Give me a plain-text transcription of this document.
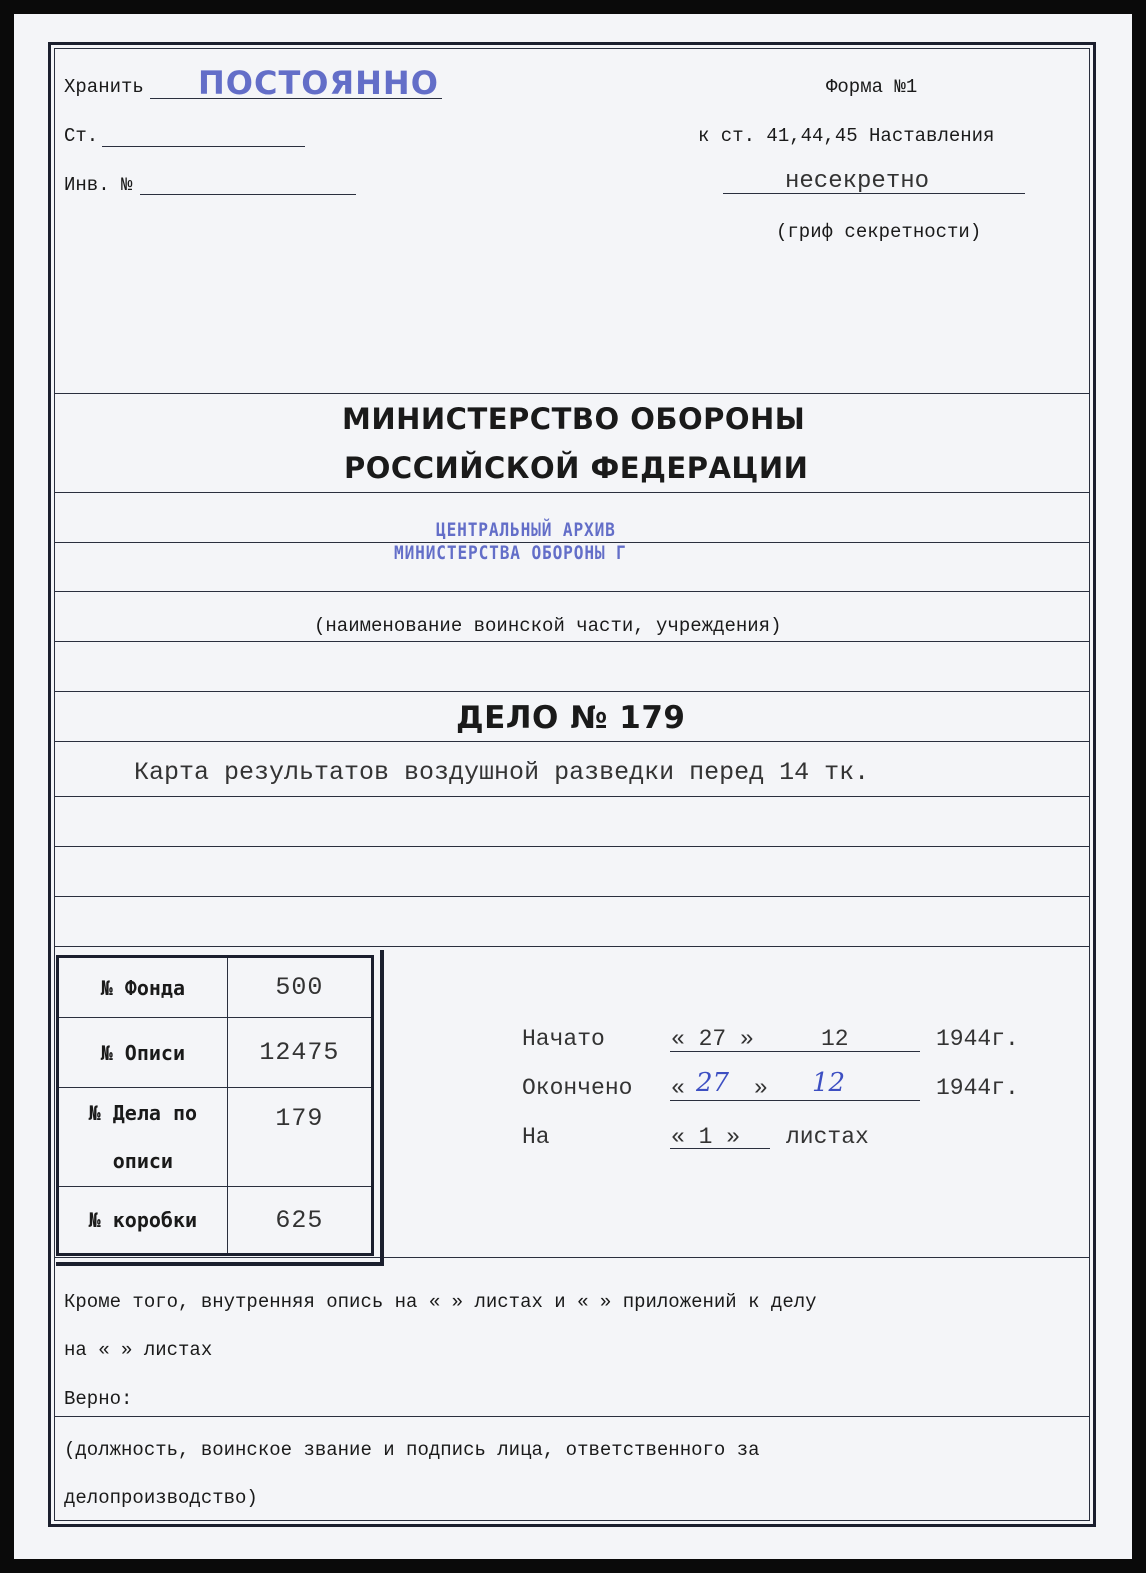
Хранить ПОСТОЯННО	Форма №1
Ст.	к ст. 41,44,45 Наставления
Инв. №	несекретно
(гриф секретности)
МИНИСТЕРСТВО ОБОРОНЫ
РОССИЙСКОЙ ФЕДЕРАЦИИ
ЦЕНТРАЛЬНЫЙ АРХИВ
МИНИСТЕРСТВА ОБОРОНЫ Г
(наименование воинской части, учреждения)
ДЕЛО № 179
Карта результатов воздушной разведки перед 14 тк.
№ Фонда	500
№ Описи	12475
№ Дела по описи	179
№ коробки	625
Начато	« 27 »	12	1944г.
Окончено « 27 » 12	1944г.
На	« 1 » листах
Кроме того, внутренняя опись на « » листах и « » приложений к делу
на « » листах
Верно:
(должность, воинское звание и подпись лица, ответственного за
делопроизводство)
